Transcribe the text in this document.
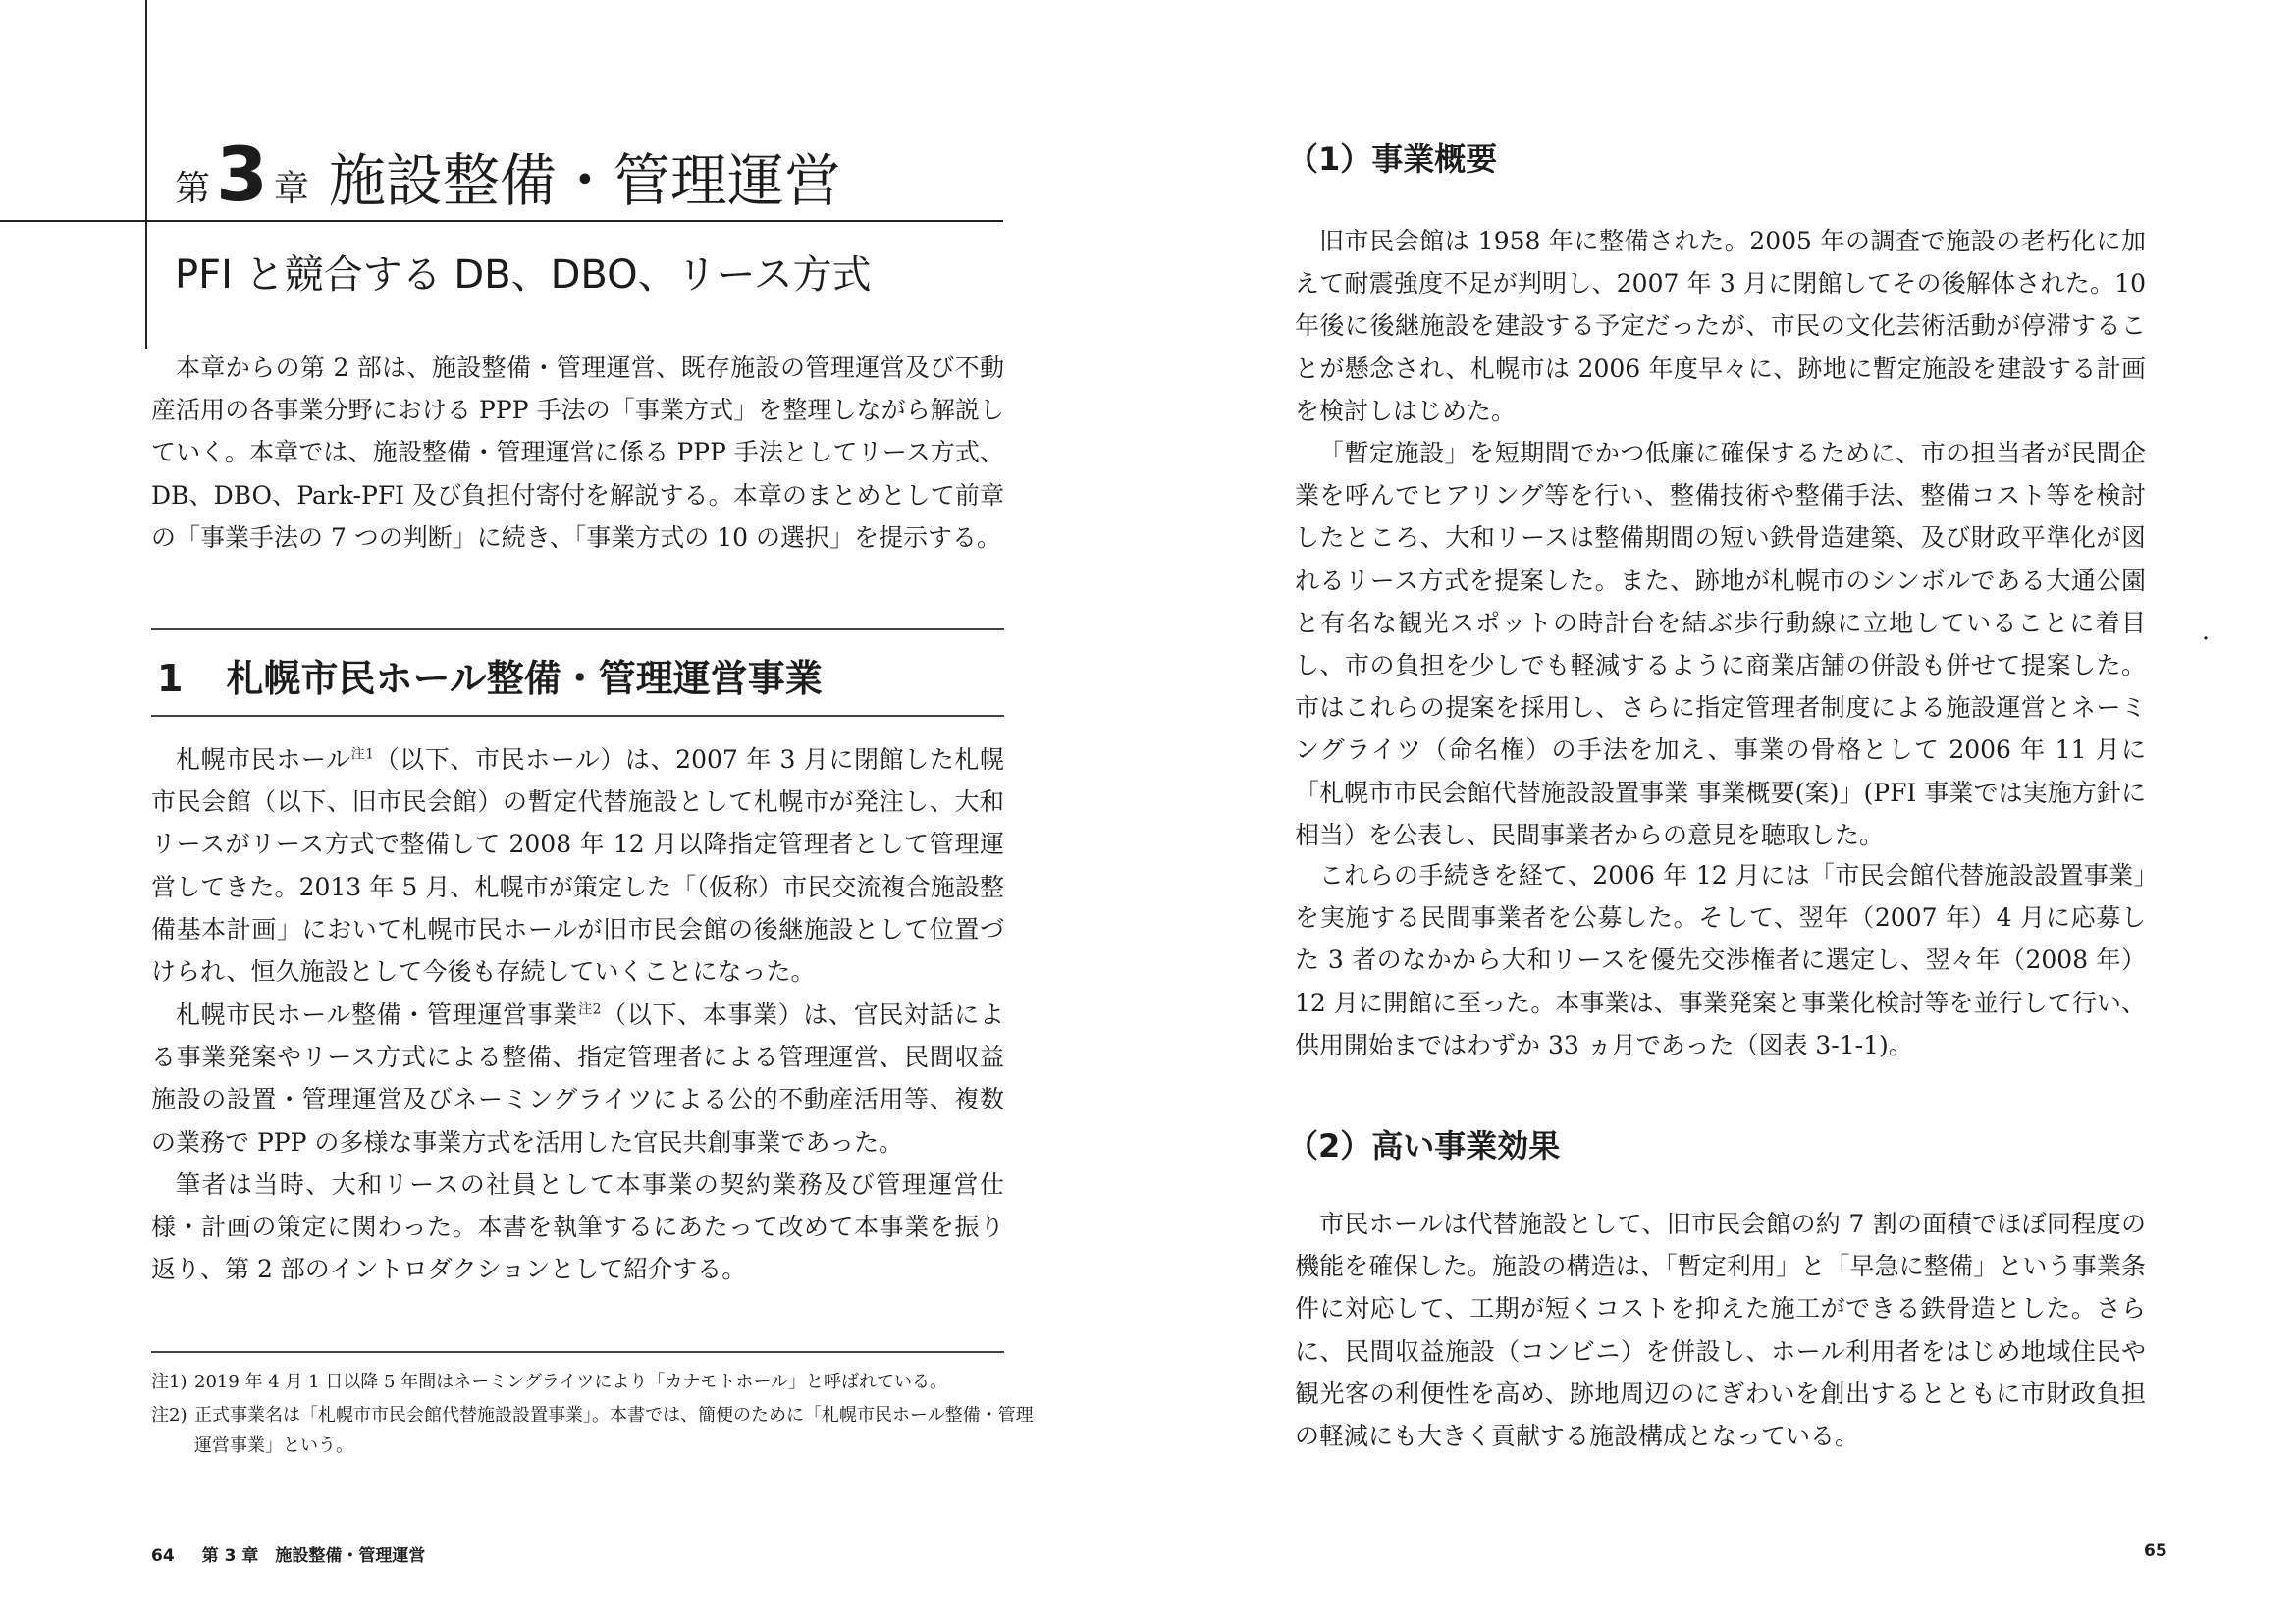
第3 章 施設整備・管理運営
PFI と競合する DB、DBO、リース方式

本章からの第 2 部は、施設整備・管理運営、既存施設の管理運営及び不動産活用の各事業分野における PPP 手法の「事業方式」を整理しながら解説していく。本章では、施設整備・管理運営に係る PPP 手法としてリース方式、DB、DBO、Park-PFI 及び負担付寄付を解説する。本章のまとめとして前章の「事業手法の 7 つの判断」に続き、「事業方式の 10 の選択」を提示する。

1 札幌市民ホール整備・管理運営事業

札幌市民ホール$^{注1}$（以下、市民ホール）は、2007 年 3 月に閉館した札幌市民会館（以下、旧市民会館）の暫定代替施設として札幌市が発注し、大和リースがリース方式で整備して 2008 年 12 月以降指定管理者として管理運営してきた。2013 年 5 月、札幌市が策定した「（仮称）市民交流複合施設整備基本計画」において札幌市民ホールが旧市民会館の後継施設として位置づけられ、恒久施設として今後も存続していくことになった。

札幌市民ホール整備・管理運営事業$^{注2}$（以下、本事業）は、官民対話による事業発案やリース方式による整備、指定管理者による管理運営、民間収益施設の設置・管理運営及びネーミングライツによる公的不動産活用等、複数の業務で PPP の多様な事業方式を活用した官民共創事業であった。

筆者は当時、大和リースの社員として本事業の契約業務及び管理運営仕様・計画の策定に関わった。本書を執筆するにあたって改めて本事業を振り返り、第 2 部のイントロダクションとして紹介する。

注1) 2019 年 4 月 1 日以降 5 年間はネーミングライツにより「カナモトホール」と呼ばれている。

注2) 正式事業名は「札幌市市民会館代替施設設置事業」。本書では、簡便のために「札幌市民ホール整備・管理運営事業」という。

64 第 3 章　施設整備・管理運営
（1）事業概要

旧市民会館は 1958 年に整備された。2005 年の調査で施設の老朽化に加えて耐震強度不足が判明し、2007 年 3 月に閉館してその後解体された。10 年後に後継施設を建設する予定だったが、市民の文化芸術活動が停滞することが懸念され、札幌市は 2006 年度早々に、跡地に暫定施設を建設する計画を検討しはじめた。

「暫定施設」を短期間でかつ低廉に確保するために、市の担当者が民間企業を呼んでヒアリング等を行い、整備技術や整備手法、整備コスト等を検討したところ、大和リースは整備期間の短い鉄骨造建築、及び財政平準化が図れるリース方式を提案した。また、跡地が札幌市のシンボルである大通公園と有名な観光スポットの時計台を結ぶ歩行動線に立地していることに着目し、市の負担を少しでも軽減するように商業店舗の併設も併せて提案した。市はこれらの提案を採用し、さらに指定管理者制度による施設運営とネーミングライツ（命名権）の手法を加え、事業の骨格として 2006 年 11 月に「札幌市市民会館代替施設設置事業 事業概要(案)」(PFI 事業では実施方針に相当）を公表し、民間事業者からの意見を聴取した。

これらの手続きを経て、2006 年 12 月には「市民会館代替施設設置事業」を実施する民間事業者を公募した。そして、翌年（2007 年）4 月に応募した 3 者のなかから大和リースを優先交渉権者に選定し、翌々年（2008 年）12 月に開館に至った。本事業は、事業発案と事業化検討等を並行して行い、供用開始まではわずか 33 ヵ月であった（図表 3-1-1)。

（2）高い事業効果

市民ホールは代替施設として、旧市民会館の約 7 割の面積でほぼ同程度の機能を確保した。施設の構造は、「暫定利用」と「早急に整備」という事業条件に対応して、工期が短くコストを抑えた施工ができる鉄骨造とした。さらに、民間収益施設（コンビニ）を併設し、ホール利用者をはじめ地域住民や観光客の利便性を高め、跡地周辺のにぎわいを創出するとともに市財政負担の軽減にも大きく貢献する施設構成となっている。

65
・
